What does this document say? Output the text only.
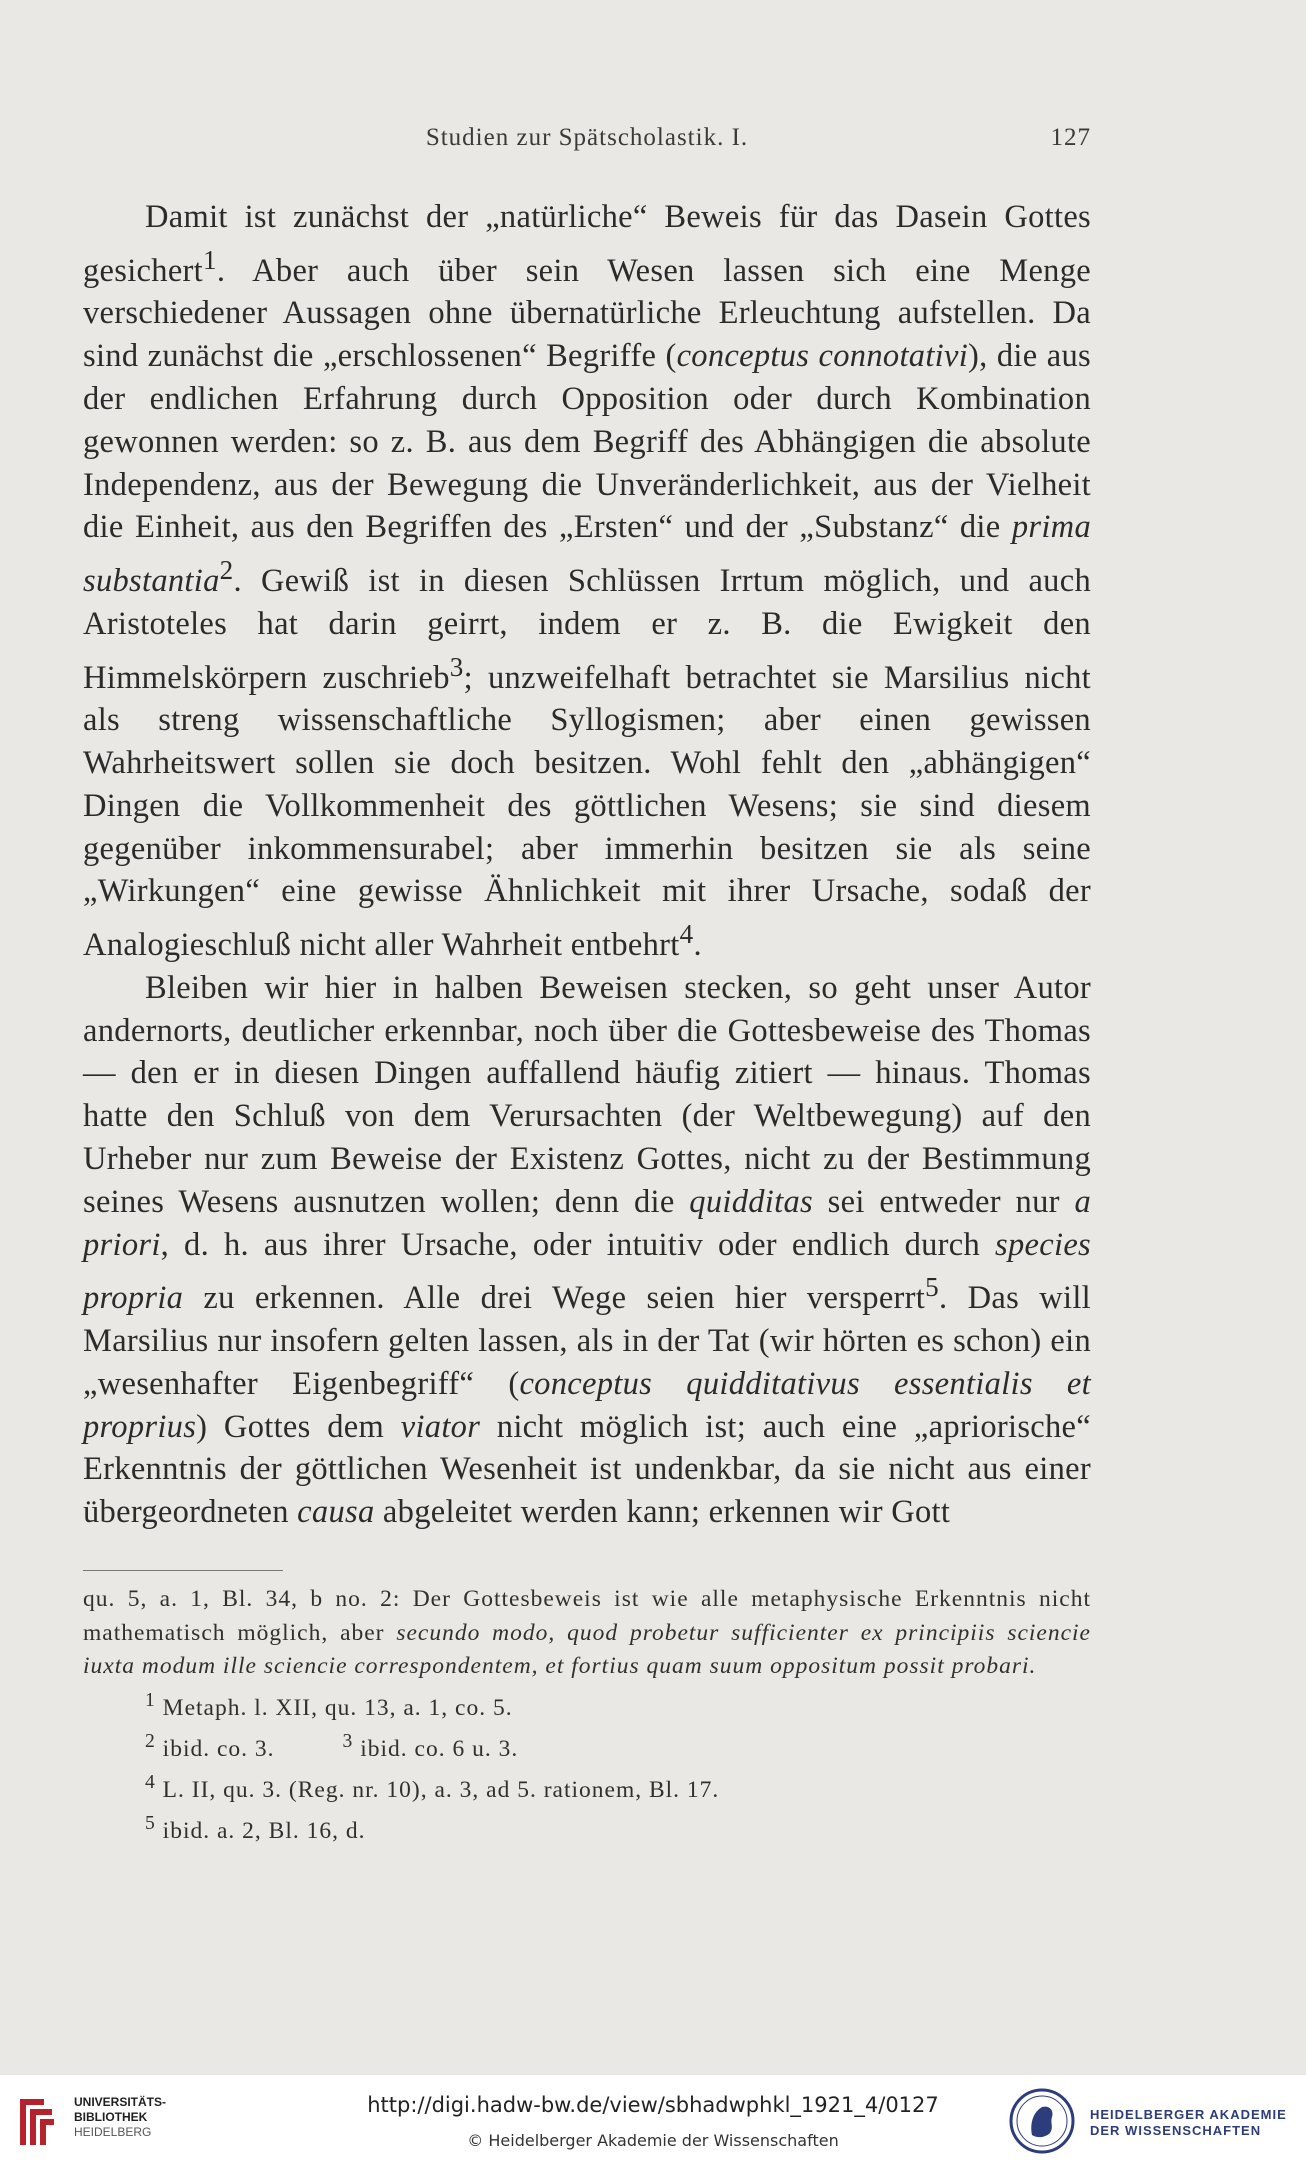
Studien zur Spätscholastik. I.	127

Damit ist zunächst der „natürliche“ Beweis für das Dasein Gottes gesichert$^1$. Aber auch über sein Wesen lassen sich eine Menge verschiedener Aussagen ohne übernatürliche Erleuchtung aufstellen. Da sind zunächst die „erschlossenen“ Begriffe (conceptus connotativi), die aus der endlichen Erfahrung durch Opposition oder durch Kombination gewonnen werden: so z. B. aus dem Begriff des Abhängigen die absolute Independenz, aus der Bewegung die Unveränderlichkeit, aus der Vielheit die Einheit, aus den Begriffen des „Ersten“ und der „Substanz“ die prima substantia$^2$. Gewiß ist in diesen Schlüssen Irrtum möglich, und auch Aristoteles hat darin geirrt, indem er z. B. die Ewigkeit den Himmelskörpern zuschrieb$^3$; unzweifelhaft betrachtet sie Marsilius nicht als streng wissenschaftliche Syllogismen; aber einen gewissen Wahrheitswert sollen sie doch besitzen. Wohl fehlt den „abhängigen“ Dingen die Vollkommenheit des göttlichen Wesens; sie sind diesem gegenüber inkommensurabel; aber immerhin besitzen sie als seine „Wirkungen“ eine gewisse Ähnlichkeit mit ihrer Ursache, sodaß der Analogieschluß nicht aller Wahrheit entbehrt$^4$.

Bleiben wir hier in halben Beweisen stecken, so geht unser Autor andernorts, deutlicher erkennbar, noch über die Gottesbeweise des Thomas — den er in diesen Dingen auffallend häufig zitiert — hinaus. Thomas hatte den Schluß von dem Verursachten (der Weltbewegung) auf den Urheber nur zum Beweise der Existenz Gottes, nicht zu der Bestimmung seines Wesens ausnutzen wollen; denn die quidditas sei entweder nur a priori, d. h. aus ihrer Ursache, oder intuitiv oder endlich durch species propria zu erkennen. Alle drei Wege seien hier versperrt$^5$. Das will Marsilius nur insofern gelten lassen, als in der Tat (wir hörten es schon) ein „wesenhafter Eigenbegriff“ (conceptus quidditativus essentialis et proprius) Gottes dem viator nicht möglich ist; auch eine „apriorische“ Erkenntnis der göttlichen Wesenheit ist undenkbar, da sie nicht aus einer übergeordneten causa abgeleitet werden kann; erkennen wir Gott

qu. 5, a. 1, Bl. 34, b no. 2: Der Gottesbeweis ist wie alle metaphysische Erkenntnis nicht mathematisch möglich, aber secundo modo, quod probetur sufficienter ex principiis sciencie iuxta modum ille sciencie correspondentem, et fortius quam suum oppositum possit probari.

$^1$ Metaph. l. XII, qu. 13, a. 1, co. 5.

$^2$ ibid. co. 3.	$^3$ ibid. co. 6 u. 3.

$^4$ L. II, qu. 3. (Reg. nr. 10), a. 3, ad 5. rationem, Bl. 17.

$^5$ ibid. a. 2, Bl. 16, d.

UNIVERSITÄTS-
BIBLIOTHEK
HEIDELBERG
http://digi.hadw-bw.de/view/sbhadwphkl_1921_4/0127
© Heidelberger Akademie der Wissenschaften
HEIDELBERGER AKADEMIE
DER WISSENSCHAFTEN
